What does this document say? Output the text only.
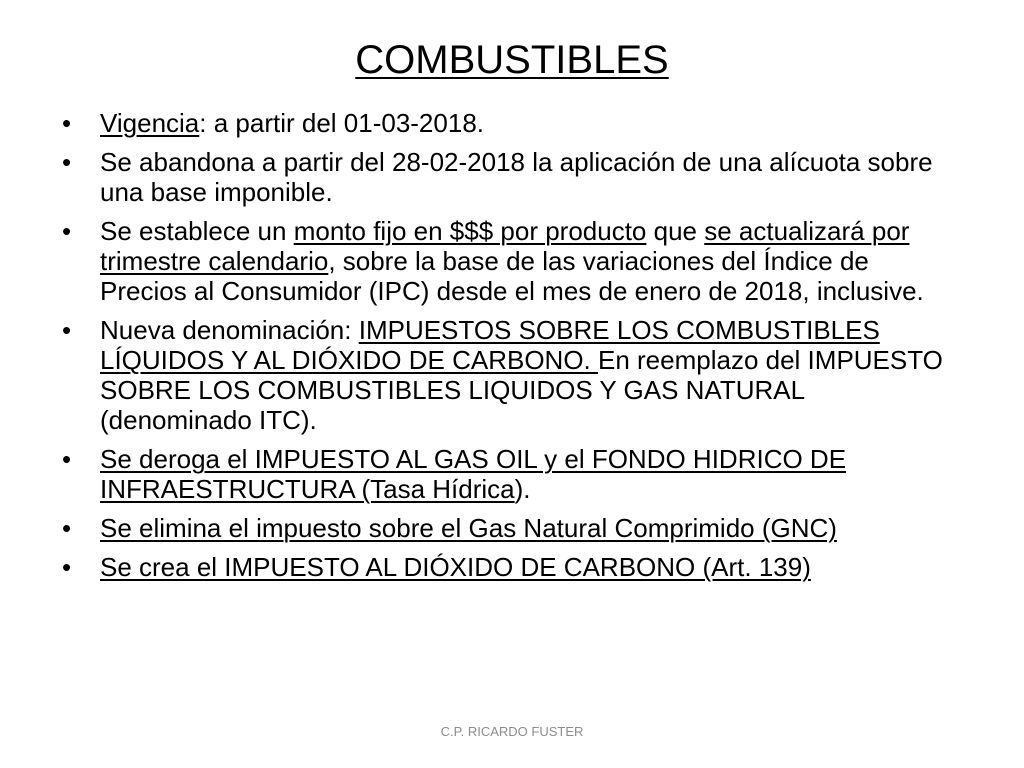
COMBUSTIBLES
• Vigencia: a partir del 01-03-2018.
• Se abandona a partir del 28-02-2018 la aplicación de una alícuota sobre una base imponible.
• Se establece un monto fijo en $$$ por producto que se actualizará por trimestre calendario, sobre la base de las variaciones del Índice de Precios al Consumidor (IPC) desde el mes de enero de 2018, inclusive.
• Nueva denominación: IMPUESTOS SOBRE LOS COMBUSTIBLES LÍQUIDOS Y AL DIÓXIDO DE CARBONO. En reemplazo del IMPUESTO SOBRE LOS COMBUSTIBLES LIQUIDOS Y GAS NATURAL (denominado ITC).
• Se deroga el IMPUESTO AL GAS OIL y el FONDO HIDRICO DE INFRAESTRUCTURA (Tasa Hídrica).
• Se elimina el impuesto sobre el Gas Natural Comprimido (GNC)
• Se crea el IMPUESTO AL DIÓXIDO DE CARBONO (Art. 139)
C.P. RICARDO FUSTER
